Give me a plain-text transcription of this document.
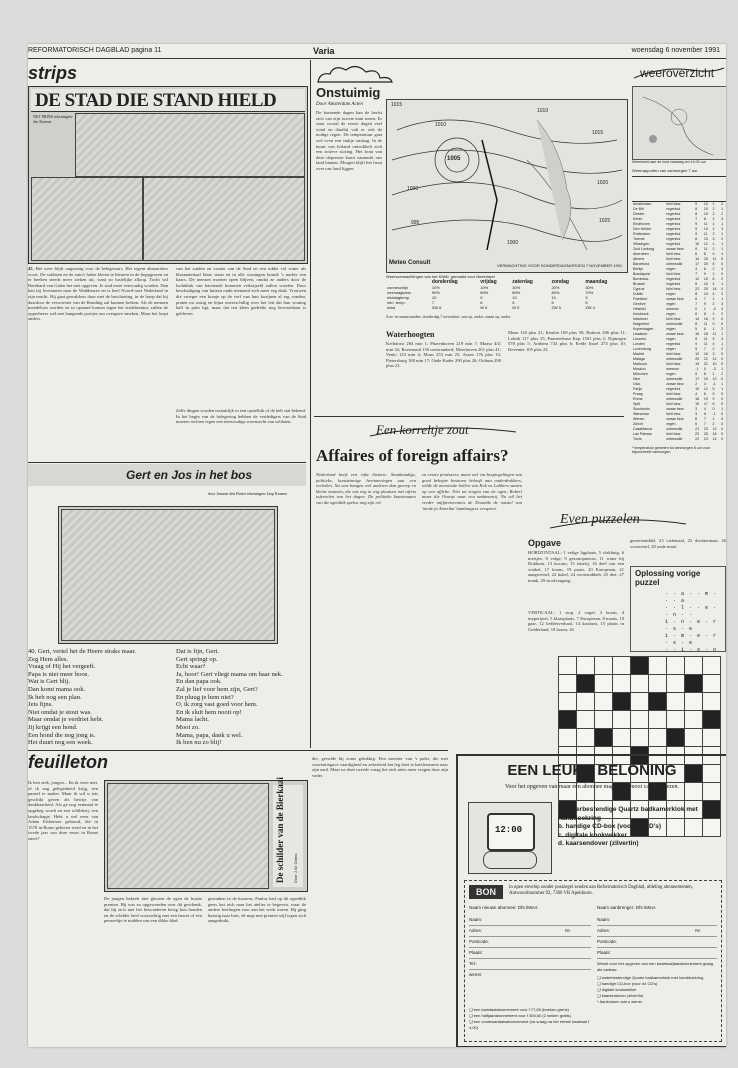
REFORMATORISCH DAGBLAD pagina 11	Varia	woensdag 6 november 1991
strips
DE STAD DIE STAND HIELD
NET PRINS tekeningen: Jan Kramer
45. Het weer blijft ongunstig voor de belegeraars. Het regent almaardoor voort. De soldaten en de auto's halen kleren te kleuren in de hoppgraven en er beeken steeds meer zieken uit, want zo lustelijke alloop. Tocht wil Bernhard van Galen het niet opgeven. Je stad moet eenvoudig worden. Dan kan hij leventaren naar de Waddenzee en is heel Noord-oost Nederland in zijn macht. Hij gaat gewaldoos door met de beschieting, in de hoop dat hij daardoor de verwoester van de Ronding zal kunnen breken. Als de mensen moedeloos worden en in opstand komen tegen het stadsbestuur, zullen de opperheers wel met hangende pootjes om overgave smeken. Maar het loopt anders.
van het zuiden en oosten van de Stad en een tobbe vol water als blusmateriaal klaar staan en in alle woningen brandt 's nachts een kaars. De mensen moeten open blijven, omdat ze anders door de luchtdruk van barstende bommen verbrijzeld zullen worden. Door beschadiging van huizen raakt niemand zich meer erg druk. Vrouwen die vroeger een kraaje op de verf van hun kozijnen al erg vonden, praten nu rustig en bijna onverschillig over het feit dat hun woning half in puin ligt, maar dat ten klein gedeelte nog bewoonbaar is gebleven.
Zelfs dingen worden instantfijk in een opstelbik of de kelt stal bekend. In het begin van de belegering hebben de verdedigers van de Stad moeten rechten tegen een tienvoudige overmacht van soldaten.
Gert en Jos in het bos
door Jeannie den Butter tekeningen: Jaap Kramer
40. Gert, vertel het de Heere straks maar.
Zeg Hem alles.
Vraag of Hij het vergeeft.
Papa is niet meer boos.
Wat is Gert blij.
Dan komt mama ook.
Ik heb nog een plan.
Jets fijns.
Niet omdat je stout was.
Maar omdat je verdriet hebt.
Jij krijgt een hond.
Een hond die nog jong is.
Het duurt nog een week.
Dat is fijn, Gert.
Gert springt op.
Echt waar?
Ja, hoor! Gert vliegt mama om haar nek.
En dan papa ook.
Zal je lief voor hem zijn, Gert?
En pluug je hem niet?
O, ik zorg vast goed voor hem.
En ik sluit hem nooit op!
Mama lacht.
Mooi zo.
Mama, papa, dank u wel.
Ik ben nu zo blij!
feuilleton
Ik ben ziek, jongen... En ik weet niet, of ik nog gelegenheid krijg, een paneel te malen. Maar ik wil u iets geschikt geven als bewijs van dankbaarheid. Als ge nog eenmaal te opgeheg wordt en een schilderij, een landschapje. Hebt u wel eens van Adam Elsheimer gehoord, die in 1578 in Rome geboren werd en in het twede jaar van deze eeuw in Rome stierf?	De schilder van de Bierkaai Door J.W. Ooms
De jongen bekeek met glooien de ogen de braaie prenten. Hij was zo opgewonden over dit geschenk, dat hij zich met het bewonderen bezig kon houden en de schilder heel voorzichtig met een lancet of een penseeltje te midden van een dikke blad.
gezonken in de kussens. Paulus had op dit ogenblik geen last zich naar het atelier te begeven, waar de andere leerlingen voor aan het werk waren. Hij ging haastig naar huis, de map met prenten stijf tegen zich aangedrukt.
der, gevulde hij zoms gelukkig. Een meester van 's palet, die met conventiegave vaardigheid en zekerheid het leg doet te katsleraturen naar zijn aard. Maar na deze tweede vraag liet zich niets meer vragen door zijn vader.
Onstuimig
Door Amsterdam Acten
De komende dagen kan de herfst zich van zijn ruwste kant tonen. Er staat vooral de eerste dagen veel wind en daarbij valt er ook de nodige regen. De temperatuur gaat wel even een stukje omlaag. In de buurt van Ierland ontwikkelt zich een actieve storing. Het front van deze depressie komt vannacht ons land binnen. Morgen blijft het front over ons land liggen.
1015
1010
1005
1000
995
1000
1010
1015
1020
1025
Meteo Consult	VERWACHTING VOOR DONDERDAGMORGEN 7 NOVEMBER 1991
Weersverwachtingen van het KNMI, gemaakt voor Nederland
	donderdag	vrijdag	zaterdag	zondag	maandag
zonneschijn	10%	10%	30%	20%	30%
neerslagkans	90%	80%	80%	80%	70%
middagtemp.	10	9	10	10	9
min. temp.	7	6	5	6	5
wind	ZW 6	W 6	W 5	ZW 5	ZW 4
Zon- en maanstanden: donderdag 7 november: zon op, onder; maan op, onder.
Waterhoogten
Kerkdorst 284 min 1; Pharenhoven 219 min 7; Maasa 431 min 32; Roermond 130 onveranderd; Moerhoven 261 plus 41; Venlo 123 min 4; Mons 253 min 25; Assen 176 plus 13; Pietersburg 188 min 17; Oude Kader 290 plus 26; Ooltum 290 plus 23.
Menz 116 plus 21; Keulen 169 plus 39; Ruhrort 206 plus 11; Lobith 117 plus 15; Pannerdense Kop 1501 plus 2; Nijmegen 578 plus 5; Arnhem 734 plus 6; Eefde Iissel 274 plus 10; Deventer 105 plus 23.
weeroverzicht
Weerbeeld aan de kust vandaag om 14.00 uur
Weerrapporten van vanmorgen 7 uur
Amsterdam	licht bew.	9	10	1	2
De Bilt	regenbui	8	10	2	1
Deelen	regenbui	8	10	2	2
Eelde	regenbui	7	8	2	3
Eindhoven	regenbui	9	11	1	1
Den Helder	regenbui	9	10	2	3
Rotterdam	regenbui	9	11	2	1
Twente	regenbui	8	10	3	2
Vlissingen	regenbui	10	12	1	1
Zuid Limburg	zwaar bew.	9	11	2	1
Aberdeen	licht bew.	6	8	0	4
Athene	licht bew.	16	20	11	0
Barcelona	onbewolkt	17	20	8	0
Berlijn	regen	4	6	2	3
Boedapest	licht bew.	7	9	1	0
Bordeaux	regenbui	12	15	6	2
Brussel	regenbui	8	10	4	1
Cyprus	licht bew.	22	25	14	0
Dublin	regen	8	10	4	3
Frankfurt	zwaar bew.	6	7	1	1
Genève	regen	7	9	2	3
Helsinki	sneeuw	0	1	-2	3
Innsbruck	regen	6	8	1	2
Istanboel	licht bew.	14	16	9	0
Klagenfurt	onbewolkt	8	11	0	0
Kopenhagen	regen	5	6	1	2
Lissabon	zwaar bew.	16	18	11	1
Locarno	regen	9	11	5	3
Londen	regenbui	9	11	4	1
Luxemburg	regen	5	7	2	2
Madrid	licht bew.	12	16	3	0
Malaga	onbewolkt	20	22	12	0
Mallorca	licht bew.	19	21	10	0
Moskou	sneeuw	-1	0	-3	1
München	regen	5	6	1	2
Nice	onbewolkt	17	19	10	0
Oslo	zwaar bew.	2	4	-1	1
Parijs	regenbui	10	12	5	1
Praag	licht bew.	4	6	0	0
Rome	onbewolkt	16	19	9	0
Split	licht bew.	15	17	8	0
Stockholm	zwaar bew.	3	4	0	1
Warschau	licht bew.	3	5	-1	0
Wenen	zwaar bew.	6	7	1	0
Zürich	regen	6	7	2	3
Casablanca	onbewolkt	21	23	12	0
Las Palmas	licht bew.	23	25	18	0
Tunis	onbewolkt	22	24	14	0
* temperatuur gemeten tot vanmorgen 8 uur voor bijvoorbeeld vanmorgen
Een korreltje zout
Affaires of foreign affairs?
Nederland heeft een rijke historie. Staatkundige, politieke, kunstzinnige herinneringen aan een verleden. Nu was hangen wel anderen dan geroep en kleine mannen, die ons wig in wig plaatsen met aferts tafereelen van het dagen. De politieke kunstenaars van dit ogenblik spelen nog zijn rol.
en eerste producers, maar wel via bespiegelingen van goed bekopte besturen belooft aan onderdrokkers, wilde de meesteale hollen van Kok en Lubbers samen op een affiche. Niet uit zorgen van de ogen, Robert maar die Oranje naar een ambtenarij. Na wil het verder mijlpreterenteis de Donalds de omstel van 'mode ja Amerika' hamburgers verspreit.
Even puzzelen
Opgave
HORIZONTAAL: 1 velige ligplaats, 5 vlakhuig, 6 meisjes, 8 volge; 9 gezonopnieuw, 11 water bij Dokkum, 13 kocom, 15 fanerij, 16 deel van een winkel, 17 boom, 19 paars, 20 Europeaan, 21 aangroeisel, 22 hakel, 24 voortstubbeb, 25 dier, 27 mank, 29 stoofvergang.
VERTICAAL: 1 stop, 2 vogel, 3 boom, 4 myperijzel, 5 klaasplaats, 7 Europeaan, 8 maats, 10 gaar, 12 liefdesverhaal, 14 kortium, 15 plaats in Gelderland, 18 boom, 20
geneesmiddel, 23 vislemaal, 25 dochtermaat, 26 voorzetsel, 28 oude maat.
Oplossing vorige puzzel
· · a · · m · · · a
· · l · · e · · n · ·
i · n · e · r · s · e
i · m · e · r · s · e
· · i · s · o

EEN LEUKE BELONING
Voor het opgeven van maar één abonnee mag u een mooi cadeau kiezen.
12:00
a. waterbestendige Quartz badkamerklok met handdoekring
b. handige CD-box (voor 44 CD's)
c. digitale kookwekker
d. kaarsendover (zilvertin)
BON	in open envelop zonder postzegel zenden aan Reformatorisch Dagblad, afdeling abonnementen, Antwoordnummer 92, 7300 VB Apeldoorn.
Naam nieuwe abonnee: Dhr./Mevr.	Naam aanbrenger: Dhr./Mevr.
Naam:
Adres:	Nr.
Postcode:
Plaats:
Tel.:
wenst:
❑ een kwartaalabonnement voor f 77,65 (boeken grens)
❑ een halfjaarabonnement voor f 304,60 (2 weken gratis)
❑ een voorkwartaalsabonnement (na vraag na het eerste kwartaal f 4,00)
Naam:
Adres:	Nr.
Postcode:
Plaats:
Wenst voor het opgeven van een kwartaal/jaarabonnement graag als cadeau:
❑ waterbestendige Quartz badkamerklok met handdoekring
❑ handige CD-box (voor 44 CD's)
❑ digitale kookwekker
❑ kaarsendover (zilvertin)
* Aankruisen wat u wenst
